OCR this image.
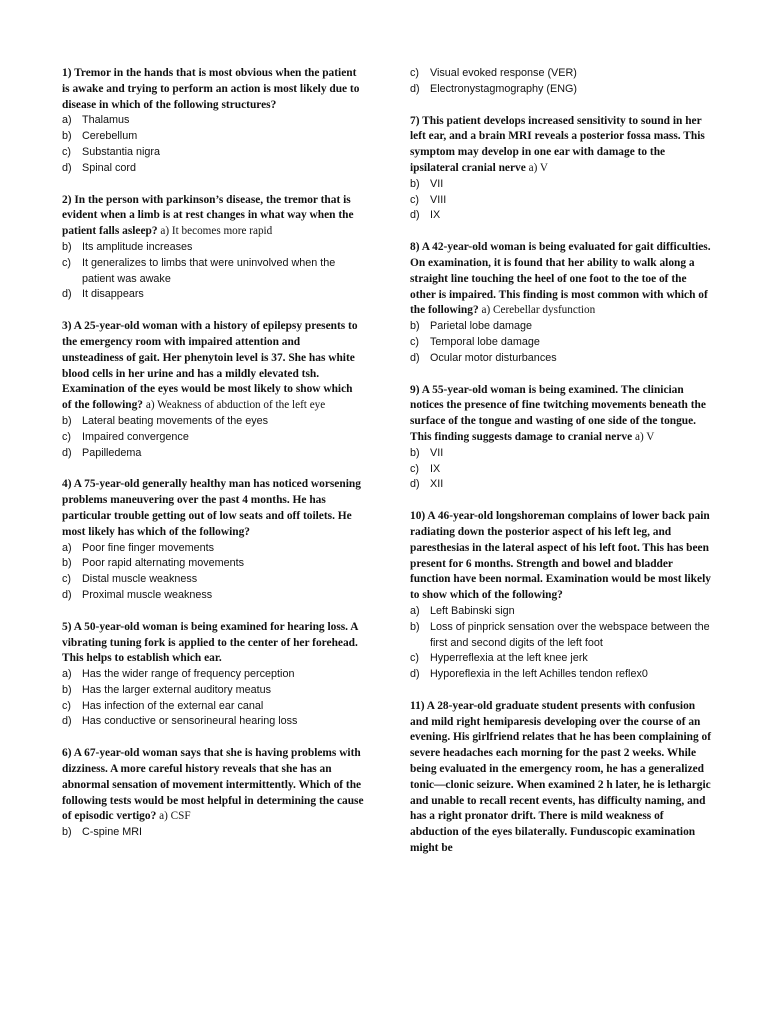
1) Tremor in the hands that is most obvious when the patient is awake and trying to perform an action is most likely due to disease in which of the following structures?

a) Thalamus
b) Cerebellum
c) Substantia nigra
d) Spinal cord

2) In the person with parkinson’s disease, the tremor that is evident when a limb is at rest changes in what way when the patient falls asleep? a) It becomes more rapid

b) Its amplitude increases
c) It generalizes to limbs that were uninvolved when the patient was awake
d) It disappears

3) A 25-year-old woman with a history of epilepsy presents to the emergency room with impaired attention and unsteadiness of gait. Her phenytoin level is 37. She has white blood cells in her urine and has a mildly elevated tsh. Examination of the eyes would be most likely to show which of the following? a) Weakness of abduction of the left eye

b) Lateral beating movements of the eyes
c) Impaired convergence
d) Papilledema

4) A 75-year-old generally healthy man has noticed worsening problems maneuvering over the past 4 months. He has particular trouble getting out of low seats and off toilets. He most likely has which of the following?

a) Poor fine finger movements
b) Poor rapid alternating movements
c) Distal muscle weakness
d) Proximal muscle weakness

5) A 50-year-old woman is being examined for hearing loss. A vibrating tuning fork is applied to the center of her forehead. This helps to establish which ear.

a) Has the wider range of frequency perception
b) Has the larger external auditory meatus
c) Has infection of the external ear canal
d) Has conductive or sensorineural hearing loss

6) A 67-year-old woman says that she is having problems with dizziness. A more careful history reveals that she has an abnormal sensation of movement intermittently. Which of the following tests would be most helpful in determining the cause of episodic vertigo? a) CSF

b) C-spine MRI
c) Visual evoked response (VER)
d) Electronystagmography (ENG)

7) This patient develops increased sensitivity to sound in her left ear, and a brain MRI reveals a posterior fossa mass. This symptom may develop in one ear with damage to the ipsilateral cranial nerve a) V

b) VII
c) VIII
d) IX

8) A 42-year-old woman is being evaluated for gait difficulties. On examination, it is found that her ability to walk along a straight line touching the heel of one foot to the toe of the other is impaired. This finding is most common with which of the following? a) Cerebellar dysfunction

b) Parietal lobe damage
c) Temporal lobe damage
d) Ocular motor disturbances

9) A 55-year-old woman is being examined. The clinician notices the presence of fine twitching movements beneath the surface of the tongue and wasting of one side of the tongue. This finding suggests damage to cranial nerve a) V

b) VII
c) IX
d) XII

10) A 46-year-old longshoreman complains of lower back pain radiating down the posterior aspect of his left leg, and paresthesias in the lateral aspect of his left foot. This has been present for 6 months. Strength and bowel and bladder function have been normal. Examination would be most likely to show which of the following?

a) Left Babinski sign
b) Loss of pinprick sensation over the webspace between the first and second digits of the left foot
c) Hyperreflexia at the left knee jerk
d) Hyporeflexia in the left Achilles tendon reflex0

11) A 28-year-old graduate student presents with confusion and mild right hemiparesis developing over the course of an evening. His girlfriend relates that he has been complaining of severe headaches each morning for the past 2 weeks. While being evaluated in the emergency room, he has a generalized tonic—clonic seizure. When examined 2 h later, he is lethargic and unable to recall recent events, has difficulty naming, and has a right pronator drift. There is mild weakness of abduction of the eyes bilaterally. Funduscopic examination might be
